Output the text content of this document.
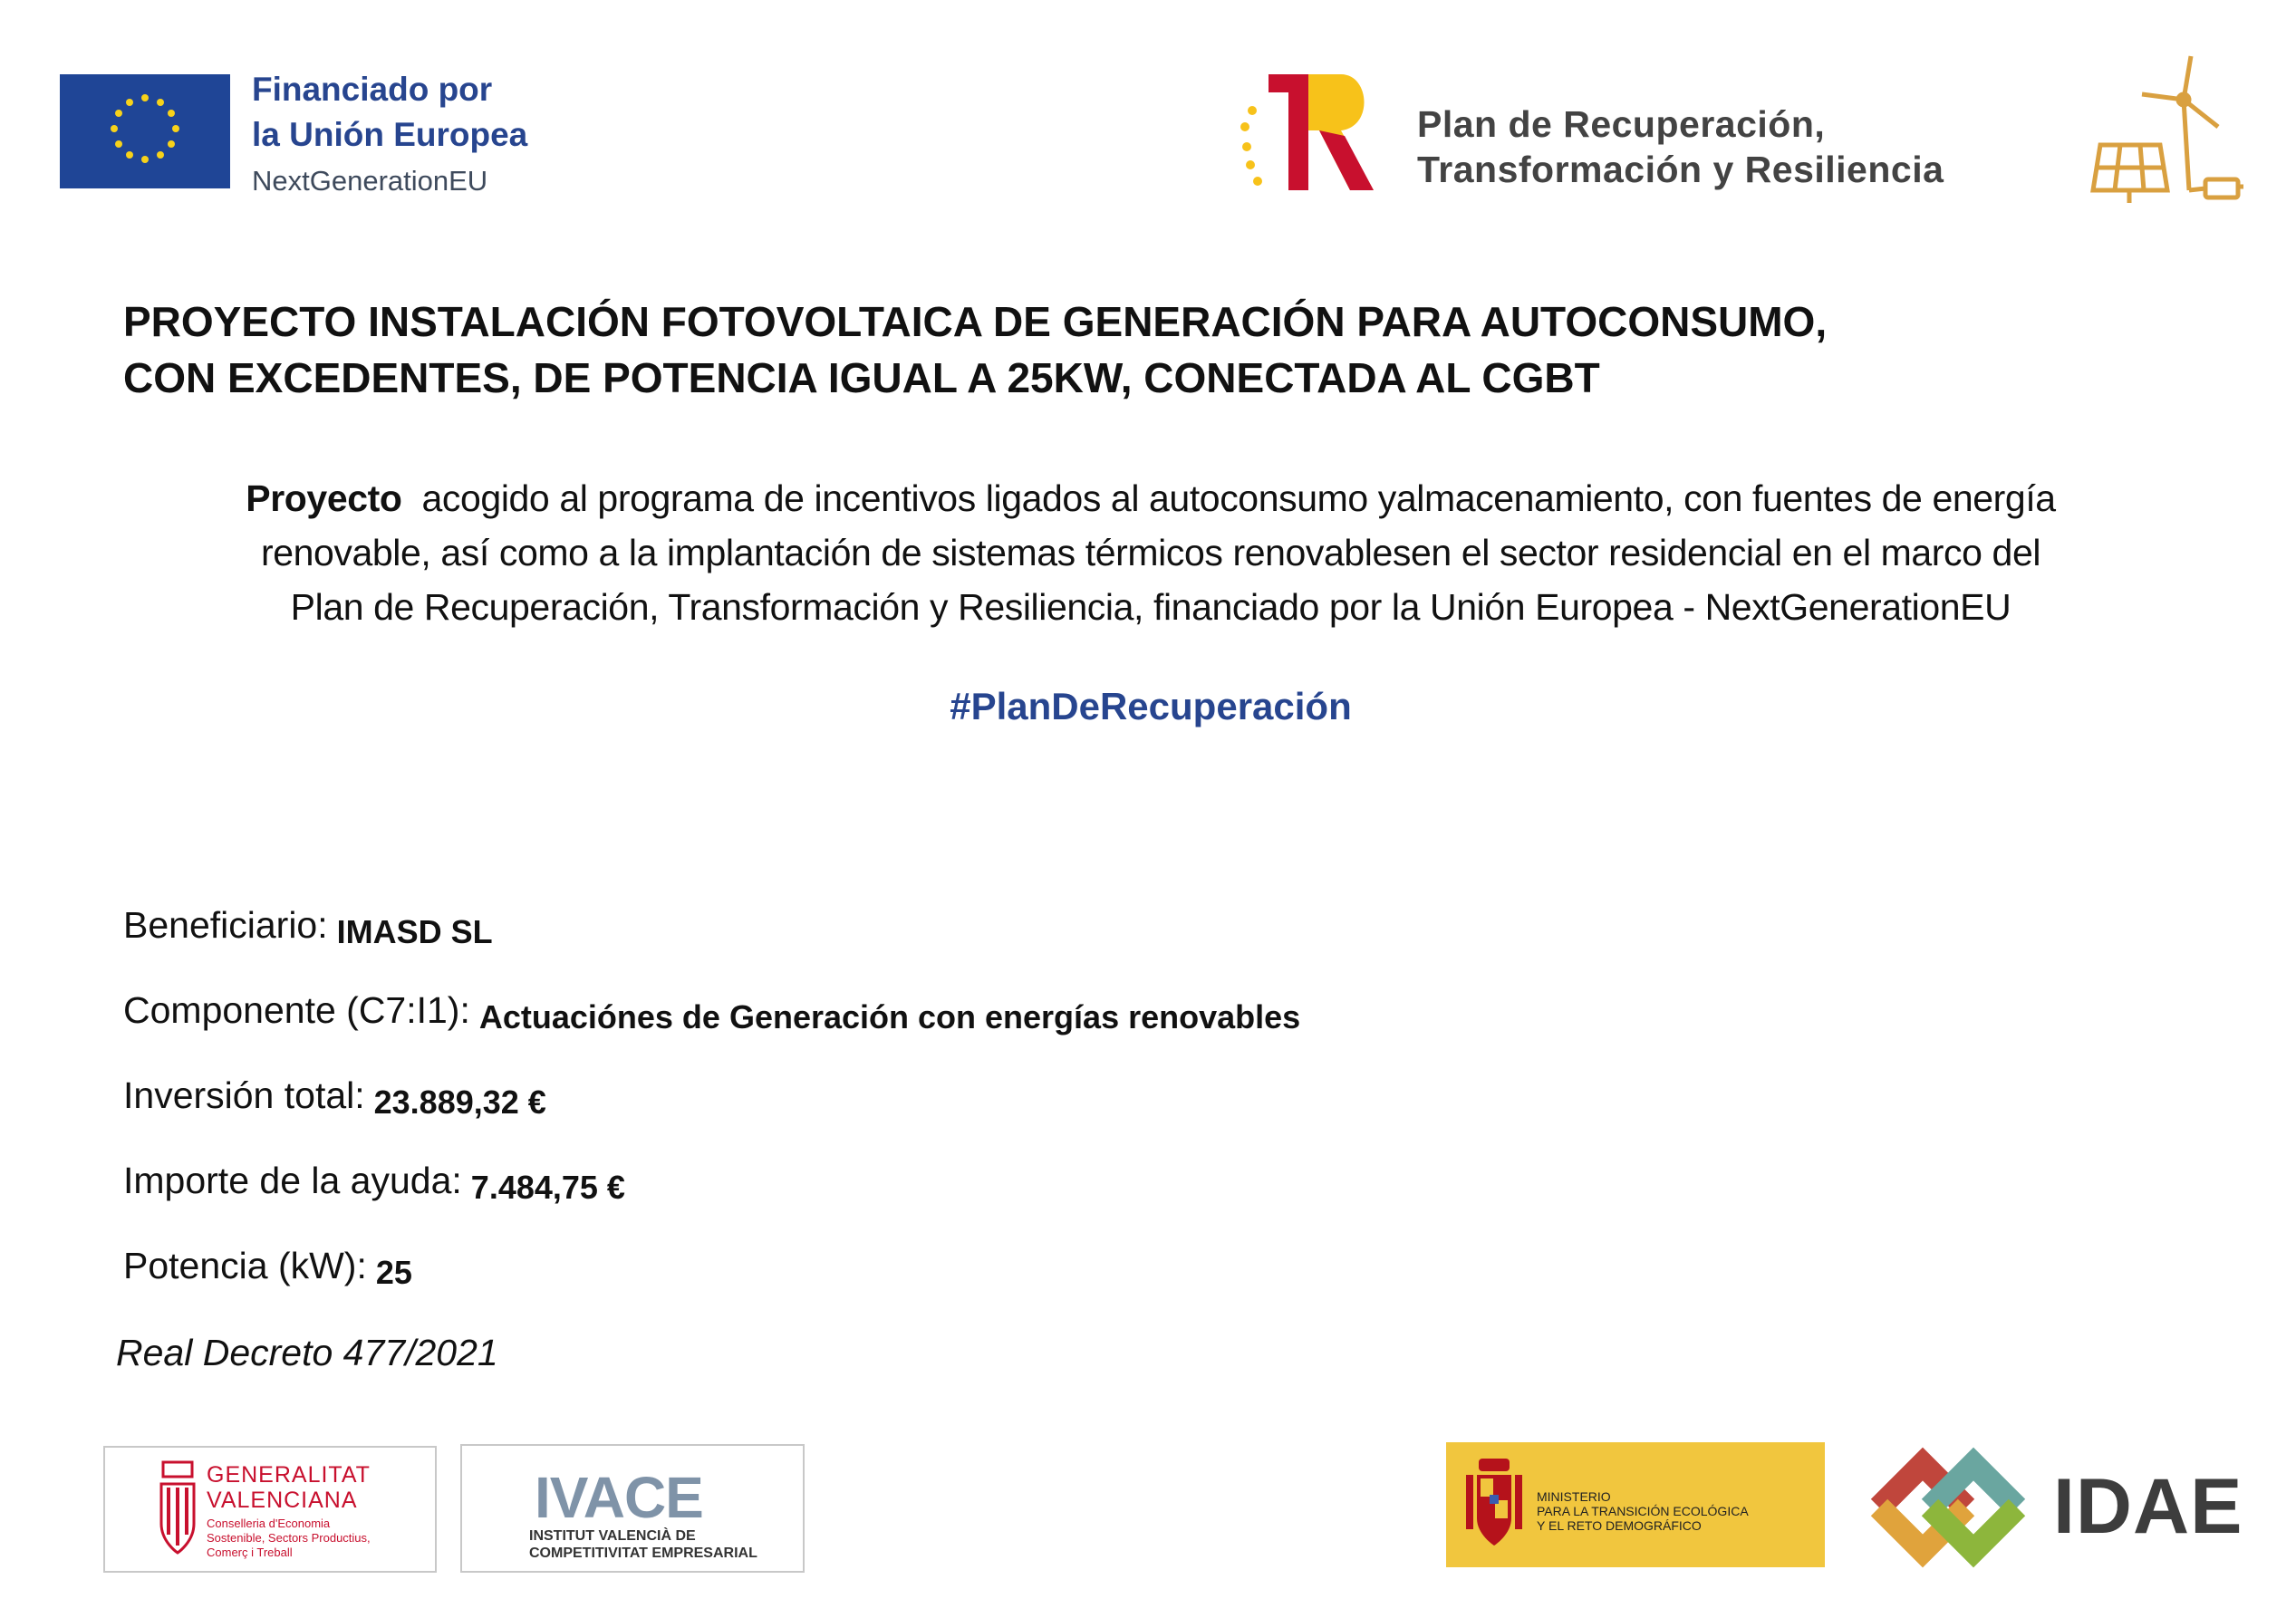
Financiado por
la Unión Europea
NextGenerationEU
Plan de Recuperación,
Transformación y Resiliencia
PROYECTO INSTALACIÓN FOTOVOLTAICA DE GENERACIÓN PARA AUTOCONSUMO,
CON EXCEDENTES, DE POTENCIA IGUAL A 25KW, CONECTADA AL CGBT
Proyecto  acogido al programa de incentivos ligados al autoconsumo yalmacenamiento, con fuentes de energía
renovable, así como a la implantación de sistemas térmicos renovablesen el sector residencial en el marco del
Plan de Recuperación, Transformación y Resiliencia, financiado por la Unión Europea - NextGenerationEU
#PlanDeRecuperación
Beneficiario: IMASD SL
Componente (C7:I1): Actuaciónes de Generación con energías renovables
Inversión total: 23.889,32 €
Importe de la ayuda: 7.484,75 €
Potencia (kW): 25
Real Decreto 477/2021
GENERALITAT
VALENCIANA
Conselleria d'Economia
Sostenible, Sectors Productius,
Comerç i Treball
IVACE
INSTITUT VALENCIÀ DE
COMPETITIVITAT EMPRESARIAL
MINISTERIO
PARA LA TRANSICIÓN ECOLÓGICA
Y EL RETO DEMOGRÁFICO	IDAE
